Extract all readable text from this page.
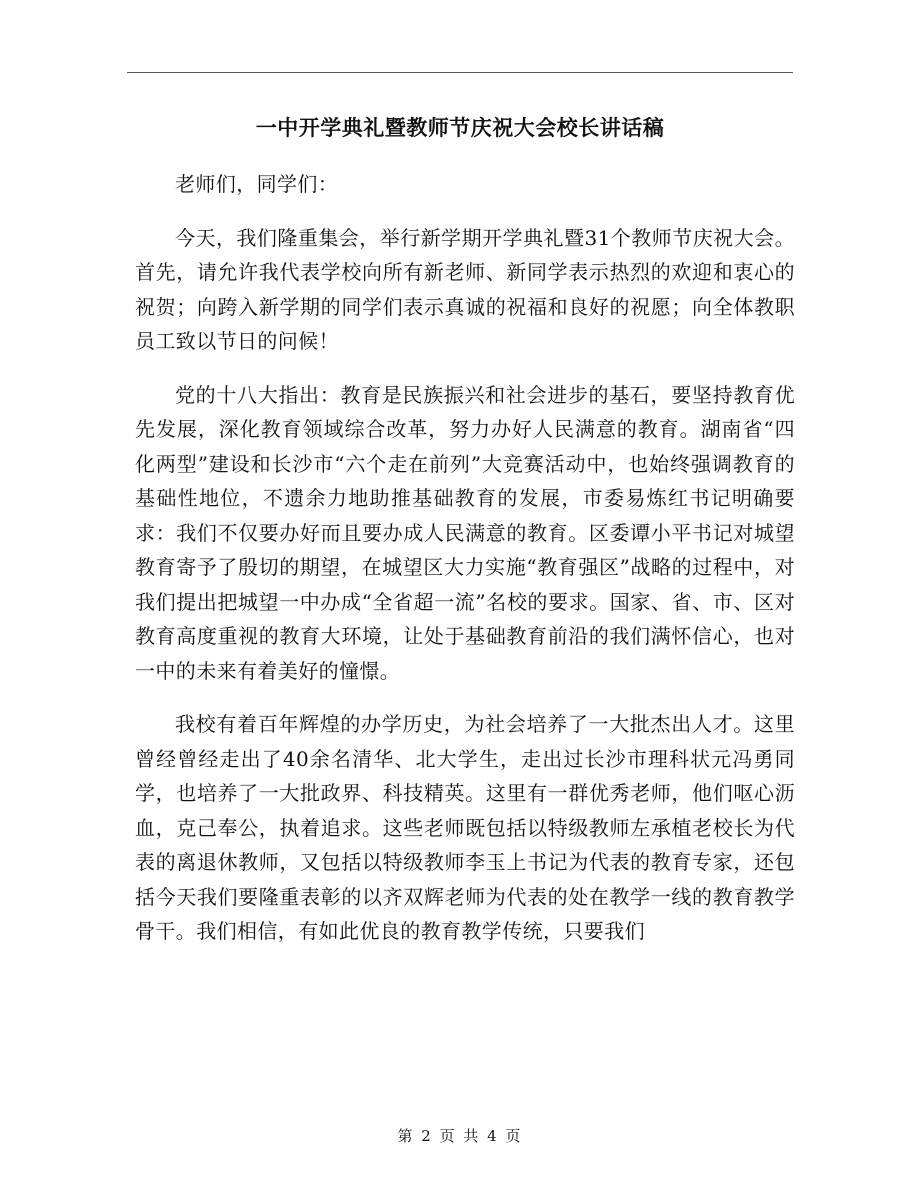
一中开学典礼暨教师节庆祝大会校长讲话稿

老师们，同学们：

今天，我们隆重集会，举行新学期开学典礼暨31个教师节庆祝大会。首先，请允许我代表学校向所有新老师、新同学表示热烈的欢迎和衷心的祝贺；向跨入新学期的同学们表示真诚的祝福和良好的祝愿；向全体教职员工致以节日的问候！

党的十八大指出：教育是民族振兴和社会进步的基石，要坚持教育优先发展，深化教育领域综合改革，努力办好人民满意的教育。湖南省“四化两型”建设和长沙市“六个走在前列”大竞赛活动中，也始终强调教育的基础性地位，不遗余力地助推基础教育的发展，市委易炼红书记明确要求：我们不仅要办好而且要办成人民满意的教育。区委谭小平书记对城望教育寄予了殷切的期望，在城望区大力实施“教育强区”战略的过程中，对我们提出把城望一中办成“全省超一流”名校的要求。国家、省、市、区对教育高度重视的教育大环境，让处于基础教育前沿的我们满怀信心，也对一中的未来有着美好的憧憬。

我校有着百年辉煌的办学历史，为社会培养了一大批杰出人才。这里曾经曾经走出了40余名清华、北大学生，走出过长沙市理科状元冯勇同学，也培养了一大批政界、科技精英。这里有一群优秀老师，他们呕心沥血，克己奉公，执着追求。这些老师既包括以特级教师左承植老校长为代表的离退休教师，又包括以特级教师李玉上书记为代表的教育专家，还包括今天我们要隆重表彰的以齐双辉老师为代表的处在教学一线的教育教学骨干。我们相信，有如此优良的教育教学传统，只要我们

第 2 页 共 4 页
